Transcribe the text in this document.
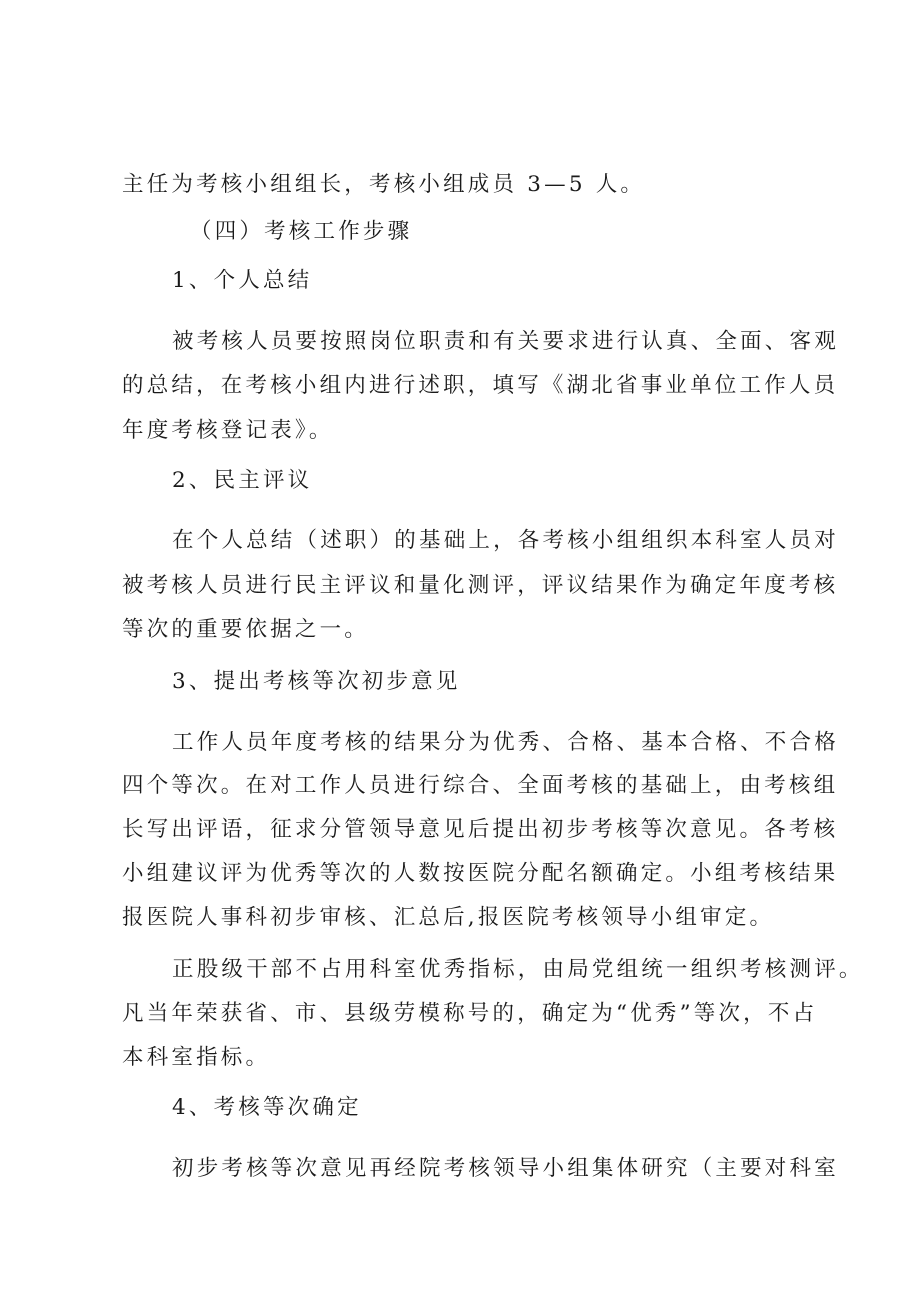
主任为考核小组组长，考核小组成员 3—5 人。
（四）考核工作步骤
1、个人总结
被考核人员要按照岗位职责和有关要求进行认真、全面、客观
的总结，在考核小组内进行述职，填写《湖北省事业单位工作人员
年度考核登记表》。
2、民主评议
在个人总结（述职）的基础上，各考核小组组织本科室人员对
被考核人员进行民主评议和量化测评，评议结果作为确定年度考核
等次的重要依据之一。
3、提出考核等次初步意见
工作人员年度考核的结果分为优秀、合格、基本合格、不合格
四个等次。在对工作人员进行综合、全面考核的基础上，由考核组
长写出评语，征求分管领导意见后提出初步考核等次意见。各考核
小组建议评为优秀等次的人数按医院分配名额确定。小组考核结果
报医院人事科初步审核、汇总后,报医院考核领导小组审定。
正股级干部不占用科室优秀指标，由局党组统一组织考核测评。
凡当年荣获省、市、县级劳模称号的，确定为“优秀”等次，不占
本科室指标。
4、考核等次确定
初步考核等次意见再经院考核领导小组集体研究（主要对科室
